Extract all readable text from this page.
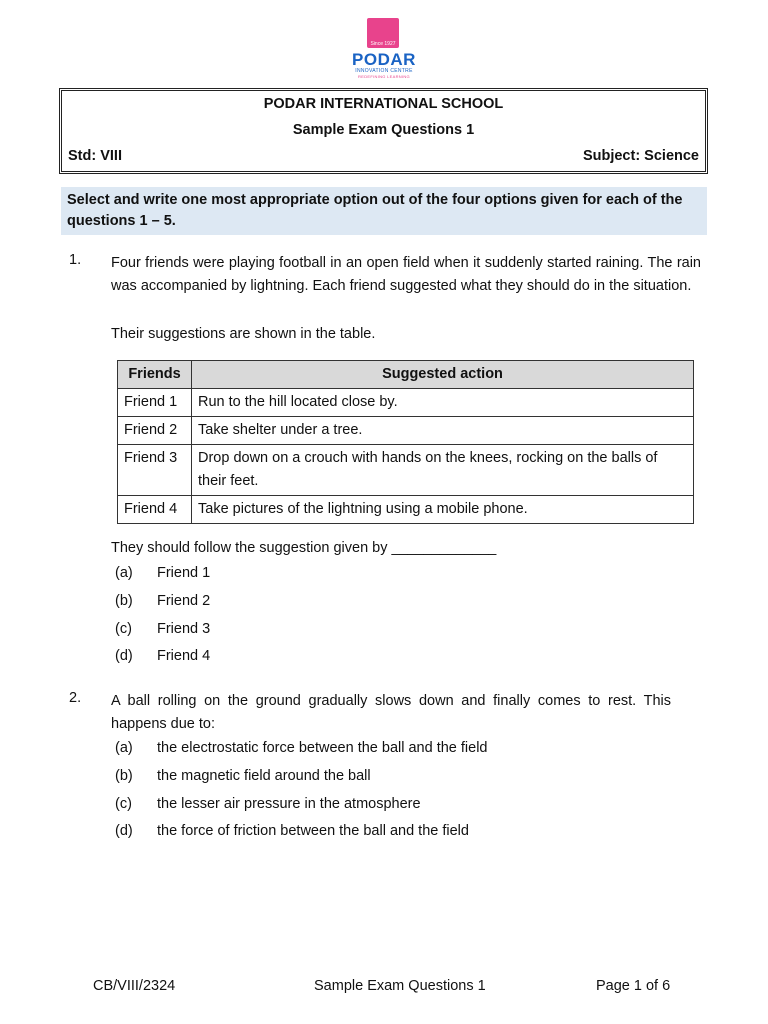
Since 1927
PODAR
INNOVATION CENTRE
REDEFINING LEARNING
PODAR INTERNATIONAL SCHOOL
Sample Exam Questions 1
Std: VIII	Subject: Science
Select and write one most appropriate option out of the four options given for each of the questions 1 – 5.
1. Four friends were playing football in an open field when it suddenly started raining. The rain was accompanied by lightning. Each friend suggested what they should do in the situation.
Their suggestions are shown in the table.
Friends	Suggested action
Friend 1	Run to the hill located close by.
Friend 2	Take shelter under a tree.
Friend 3	Drop down on a crouch with hands on the knees, rocking on the balls of their feet.
Friend 4	Take pictures of the lightning using a mobile phone.
They should follow the suggestion given by _____________
(a) Friend 1
(b) Friend 2
(c) Friend 3
(d) Friend 4
2. A ball rolling on the ground gradually slows down and finally comes to rest. This happens due to:
(a) the electrostatic force between the ball and the field
(b) the magnetic field around the ball
(c) the lesser air pressure in the atmosphere
(d) the force of friction between the ball and the field
CB/VIII/2324	Sample Exam Questions 1	Page 1 of 6
